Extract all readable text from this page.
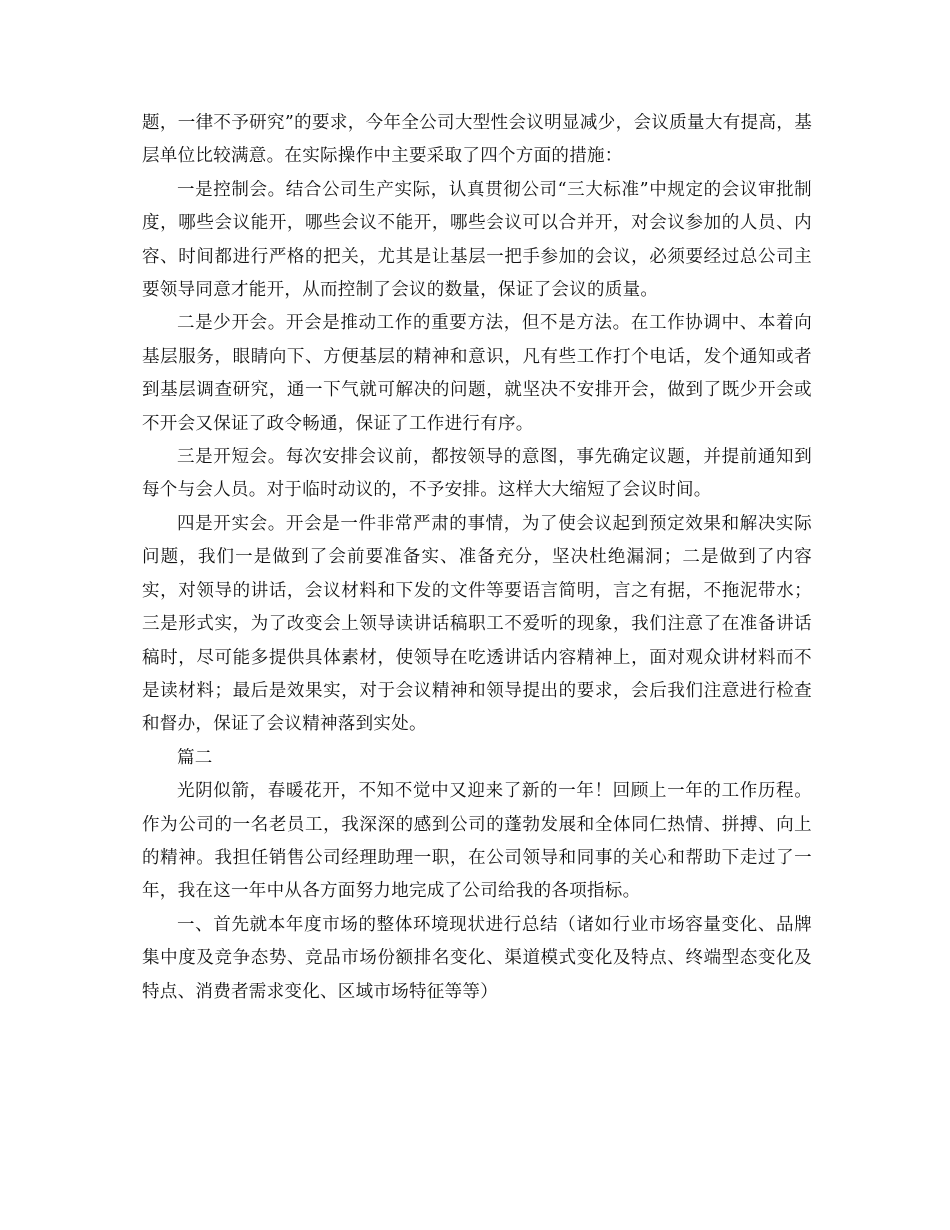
题，一律不予研究”的要求，今年全公司大型性会议明显减少，会议质量大有提高，基层单位比较满意。在实际操作中主要采取了四个方面的措施：

一是控制会。结合公司生产实际，认真贯彻公司“三大标准”中规定的会议审批制度，哪些会议能开，哪些会议不能开，哪些会议可以合并开，对会议参加的人员、内容、时间都进行严格的把关，尤其是让基层一把手参加的会议，必须要经过总公司主要领导同意才能开，从而控制了会议的数量，保证了会议的质量。

二是少开会。开会是推动工作的重要方法，但不是方法。在工作协调中、本着向基层服务，眼睛向下、方便基层的精神和意识，凡有些工作打个电话，发个通知或者到基层调查研究，通一下气就可解决的问题，就坚决不安排开会，做到了既少开会或不开会又保证了政令畅通，保证了工作进行有序。

三是开短会。每次安排会议前，都按领导的意图，事先确定议题，并提前通知到每个与会人员。对于临时动议的，不予安排。这样大大缩短了会议时间。

四是开实会。开会是一件非常严肃的事情，为了使会议起到预定效果和解决实际问题，我们一是做到了会前要准备实、准备充分，坚决杜绝漏洞；二是做到了内容实，对领导的讲话，会议材料和下发的文件等要语言简明，言之有据，不拖泥带水；三是形式实，为了改变会上领导读讲话稿职工不爱听的现象，我们注意了在准备讲话稿时，尽可能多提供具体素材，使领导在吃透讲话内容精神上，面对观众讲材料而不是读材料；最后是效果实，对于会议精神和领导提出的要求，会后我们注意进行检查和督办，保证了会议精神落到实处。

篇二

光阴似箭，春暖花开，不知不觉中又迎来了新的一年！回顾上一年的工作历程。作为公司的一名老员工，我深深的感到公司的蓬勃发展和全体同仁热情、拼搏、向上的精神。我担任销售公司经理助理一职，在公司领导和同事的关心和帮助下走过了一年，我在这一年中从各方面努力地完成了公司给我的各项指标。

一、首先就本年度市场的整体环境现状进行总结（诸如行业市场容量变化、品牌集中度及竞争态势、竞品市场份额排名变化、渠道模式变化及特点、终端型态变化及特点、消费者需求变化、区域市场特征等等）
